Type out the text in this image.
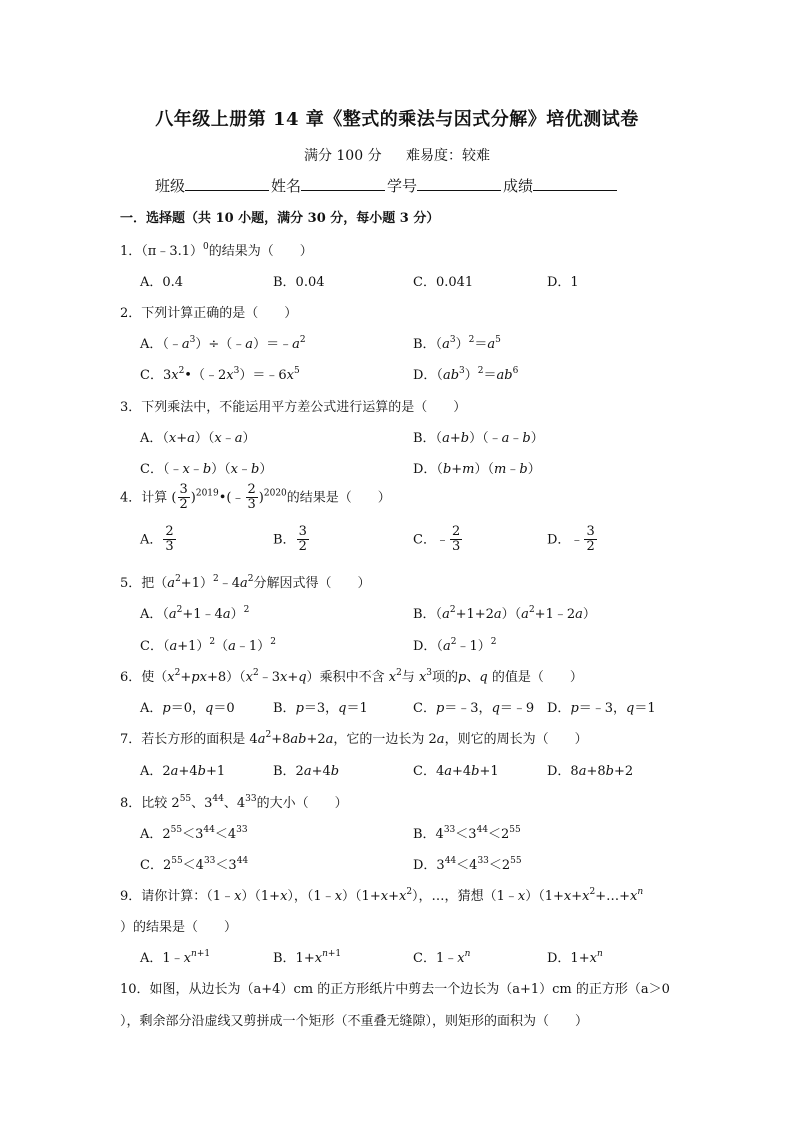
八年级上册第 14 章《整式的乘法与因式分解》培优测试卷
满分 100 分 难易度：较难
班级	姓名	学号	成绩
一．选择题（共 10 小题，满分 30 分，每小题 3 分）
1．（π﹣3.1）$^0$的结果为（　　）
A．0.4	B．0.04	C．0.041	D．1
2．下列计算正确的是（　　）
A．$(﹣a^3)\div(﹣a)=﹣a^2$	B．$(a^3)^2=a^5$
C．$3x^2•(﹣2x^3)=﹣6x^5$	D．$(ab^3)^2=ab^6$
3．下列乘法中，不能运用平方差公式进行运算的是（　　）
A．（x+a）（x﹣a）	B．（a+b）（﹣a﹣b）
C．（﹣x﹣b）（x﹣b）	D．（b+m）（m﹣b）
4．计算 ( $\frac{3}{2}$ )$^{2019}$•(﹣ $\frac{2}{3} )^{2020}$的结果是（　　）
A． $\frac{2}{3}$	B． $\frac{3}{2}$	C．﹣ $\frac{2}{3}$	D．﹣ $\frac{3}{2}$
5．把$(a^2+1)^2﹣4a^2$分解因式得（　　）
A．$(a^2+1﹣4a)^2$	B．$(a^2+1+2a)(a^2+1﹣2a)$
C．$(a+1)^2(a﹣1)^2$	D．$(a^2﹣1)^2$
6．使$(x^2+px+8)(x^2﹣3x+q)$乘积中不含 $x^2$与 $x^3$项的p、q 的值是（　　）
A．p＝0，q＝0	B．p＝3，q＝1	C．p＝﹣3，q＝﹣9 D．p＝﹣3，q＝1
7．若长方形的面积是 $4a^2+8ab+2a$，它的一边长为 2a，则它的周长为（　　）
A．2a+4b+1	B．2a+4b	C．4a+4b+1	D．8a+8b+2
8．比较 $2^{55}$、$3^{44}$、$4^{33}$的大小（　　）
A．$2^{55}<3^{44}<4^{33}$	B．$4^{33}<3^{44}<2^{55}$
C．$2^{55}<4^{33}<3^{44}$	D．$3^{44}<4^{33}<2^{55}$
9．请你计算：（1﹣x）（1+x），$(1﹣x)(1+x+x^2)$，…，猜想$(1﹣x)(1+x+x^2+\dots+x^n$
）的结果是（　　）
A．$1﹣x^{n+1}$	B．$1+x^{n+1}$	C．$1﹣x^n$	D．$1+x^n$
10．如图，从边长为（a+4）cm 的正方形纸片中剪去一个边长为（a+1）cm 的正方形（a＞0
），剩余部分沿虚线又剪拼成一个矩形（不重叠无缝隙），则矩形的面积为（　　）
